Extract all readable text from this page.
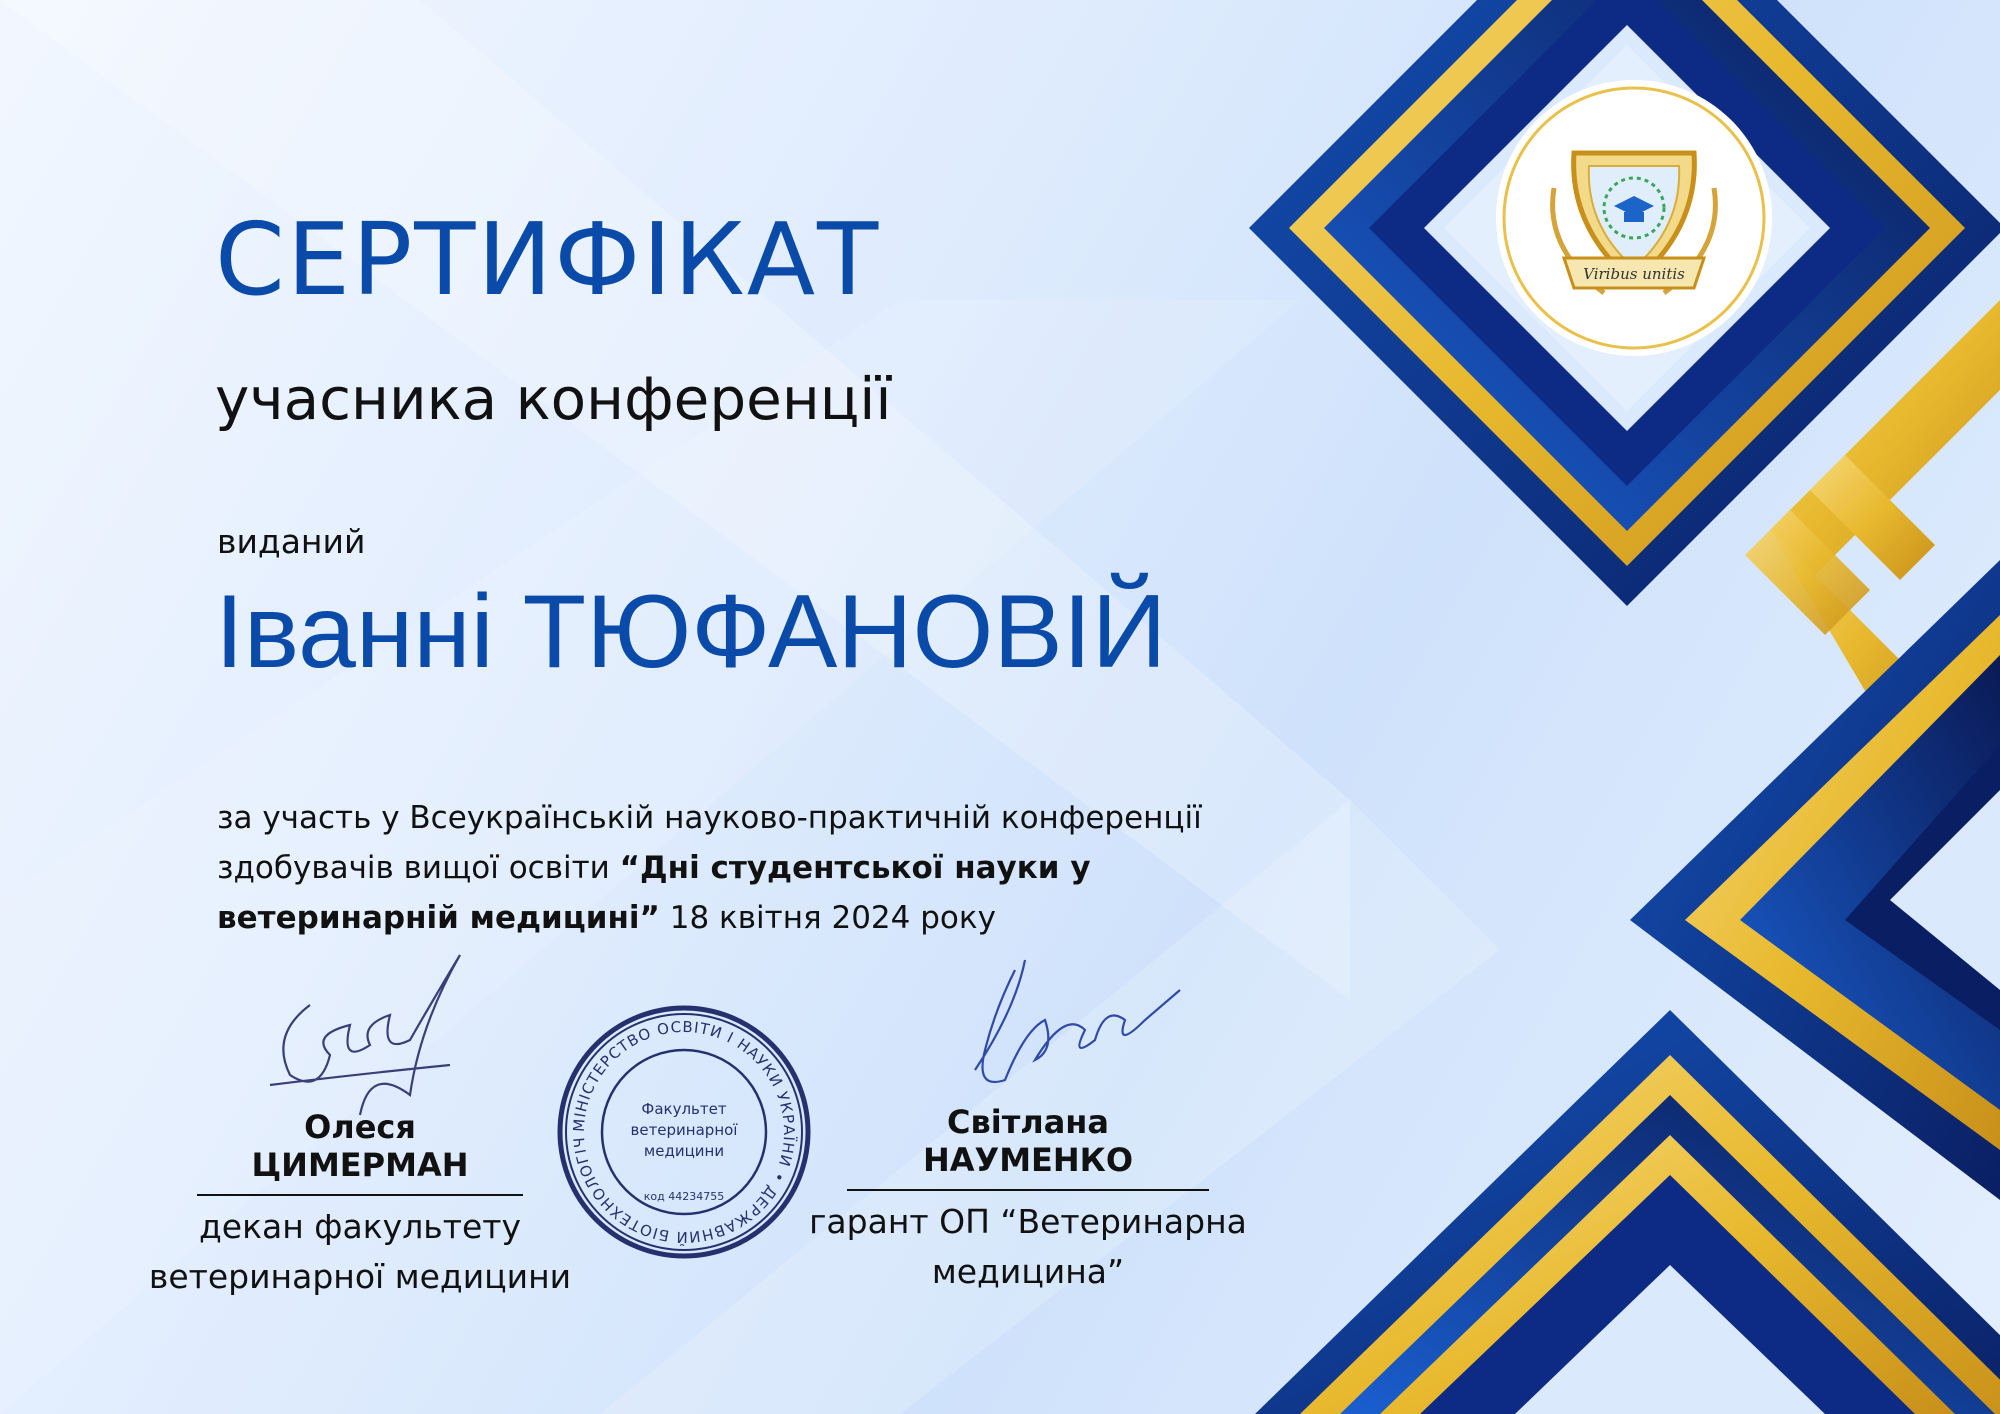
Viribus unitis
СЕРТИФІКАТ
учасника конференції
виданий
Іванні ТЮФАНОВІЙ
за участь у Всеукраїнській науково-практичній конференції здобувачів вищої освіти “Дні студентської науки у ветеринарній медицині” 18 квітня 2024 року
МІНІСТЕРСТВО ОСВІТИ І НАУКИ УКРАЇНИ • ДЕРЖАВНИЙ БІОТЕХНОЛОГІЧ
Факультет
ветеринарної
медицини
код 44234755
Олеся ЦИМЕРМАН
декан факультету
ветеринарної медицини
Світлана НАУМЕНКО
гарант ОП “Ветеринарна
медицина”
